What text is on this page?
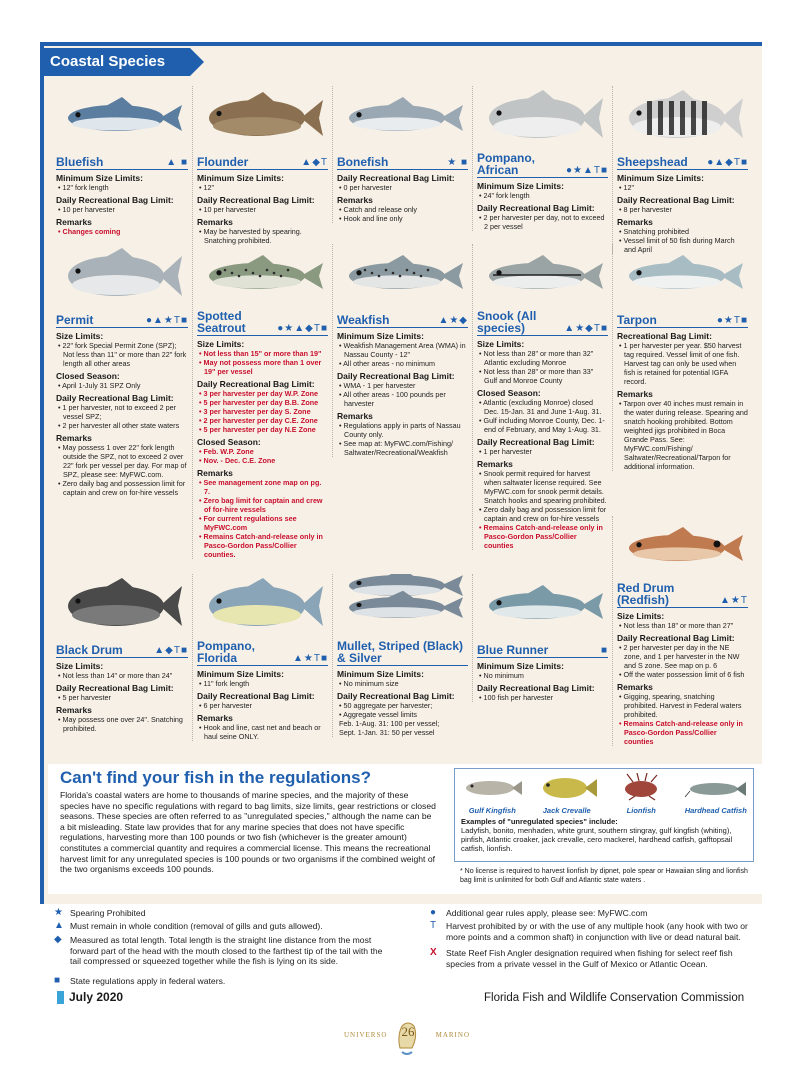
Coastal Species
Bluefish	▲ ■
Minimum Size Limits:
• 12" fork length
Daily Recreational Bag Limit:
• 10 per harvester
Remarks
• Changes coming
Flounder	▲◆T
Minimum Size Limits:
• 12"
Daily Recreational Bag Limit:
• 10 per harvester
Remarks
• May be harvested by spearing. Snatching prohibited.
Bonefish	★ ■
Daily Recreational Bag Limit:
• 0 per harvester
Remarks
• Catch and release only
• Hook and line only
Pompano, African	●★▲T■
Minimum Size Limits:
• 24" fork length
Daily Recreational Bag Limit:
• 2 per harvester per day, not to exceed 2 per vessel
Sheepshead ●▲◆T■
Minimum Size Limits:
• 12"
Daily Recreational Bag Limit:
• 8 per harvester
Remarks
• Snatching prohibited
• Vessel limit of 50 fish during March and April
Permit	●▲★T■
Size Limits:
• 22" fork Special Permit Zone (SPZ); Not less than 11" or more than 22" fork length all other areas
Closed Season:
• April 1-July 31 SPZ Only
Daily Recreational Bag Limit:
• 1 per harvester, not to exceed 2 per vessel SPZ;
• 2 per harvester all other state waters
Remarks
• May possess 1 over 22" fork length outside the SPZ, not to exceed 2 over 22" fork per vessel per day. For map of SPZ, please see: MyFWC.com.
• Zero daily bag and possession limit for captain and crew on for-hire vessels
Spotted Seatrout	●★▲◆T■
Size Limits:
• Not less than 15" or more than 19"
• May not possess more than 1 over 19" per vessel
Daily Recreational Bag Limit:
• 3 per harvester per day W.P. Zone
• 5 per harvester per day B.B. Zone
• 3 per harvester per day S. Zone
• 2 per harvester per day C.E. Zone
• 5 per harvester per day N.E Zone
Closed Season:
• Feb. W.P. Zone
• Nov. - Dec. C.E. Zone
Remarks
• See management zone map on pg. 7.
• Zero bag limit for captain and crew of for-hire vessels
• For current regulations see MyFWC.com
• Remains Catch-and-release only in Pasco-Gordon Pass/Collier counties.
Weakfish	▲★◆
Minimum Size Limits:
• Weakfish Management Area (WMA) in Nassau County - 12"
• All other areas - no minimum
Daily Recreational Bag Limit:
• WMA - 1 per harvester
• All other areas - 100 pounds per harvester
Remarks
• Regulations apply in parts of Nassau County only.
• See map at: MyFWC.com/Fishing/ Saltwater/Recreational/Weakfish
Snook (All species)	▲★◆T■
Size Limits:
• Not less than 28" or more than 32" Atlantic excluding Monroe
• Not less than 28" or more than 33" Gulf and Monroe County
Closed Season:
• Atlantic (excluding Monroe) closed Dec. 15-Jan. 31 and June 1-Aug. 31.
• Gulf including Monroe County, Dec. 1-end of February, and May 1-Aug. 31.
Daily Recreational Bag Limit:
• 1 per harvester
Remarks
• Snook permit required for harvest when saltwater license required. See MyFWC.com for snook permit details. Snatch hooks and spearing prohibited.
• Zero daily bag and possession limit for captain and crew on for-hire vessels
• Remains Catch-and-release only in Pasco-Gordon Pass/Collier counties
Tarpon	●★T■
Recreational Bag Limit:
• 1 per harvester per year. $50 harvest tag required. Vessel limit of one fish. Harvest tag can only be used when fish is retained for potential IGFA record.
Remarks
• Tarpon over 40 inches must remain in the water during release. Spearing and snatch hooking prohibited. Bottom weighted jigs prohibited in Boca Grande Pass. See: MyFWC.com/Fishing/ Saltwater/Recreational/Tarpon for additional information.
Red Drum (Redfish)	▲★T
Size Limits:
• Not less than 18" or more than 27"
Daily Recreational Bag Limit:
• 2 per harvester per day in the NE zone, and 1 per harvester in the NW and S zone. See map on p. 6
• Off the water possession limit of 6 fish
Remarks
• Gigging, spearing, snatching prohibited. Harvest in Federal waters prohibited.
• Remains Catch-and-release only in Pasco-Gordon Pass/Collier counties
Black Drum	▲◆T■
Size Limits:
• Not less than 14" or more than 24"
Daily Recreational Bag Limit:
• 5 per harvester
Remarks
• May possess one over 24". Snatching prohibited.
Pompano, Florida	▲★T■
Minimum Size Limits:
• 11" fork length
Daily Recreational Bag Limit:
• 6 per harvester
Remarks
• Hook and line, cast net and beach or haul seine ONLY.
Mullet, Striped (Black) & Silver
Minimum Size Limits:
• No minimum size
Daily Recreational Bag Limit:
• 50 aggregate per harvester;
• Aggregate vessel limits
Feb. 1-Aug. 31: 100 per vessel;
Sept. 1-Jan. 31: 50 per vessel
Blue Runner	■
Minimum Size Limits:
• No minimum
Daily Recreational Bag Limit:
• 100 fish per harvester
Can't find your fish in the regulations?
Florida's coastal waters are home to thousands of marine species, and the majority of these species have no specific regulations with regard to bag limits, size limits, gear restrictions or closed seasons. These species are often referred to as "unregulated species," although the name can be a bit misleading. State law provides that for any marine species that does not have specific regulations, harvesting more than 100 pounds or two fish (whichever is the greater amount) constitutes a commercial quantity and requires a commercial license. This means the recreational harvest limit for any unregulated species is 100 pounds or two organisms if the combined weight of the two organisms exceeds 100 pounds.
Gulf Kingfish	Jack Crevalle	Lionfish	Hardhead Catfish
Examples of "unregulated species" include:
Ladyfish, bonito, menhaden, white grunt, southern stingray, gulf kingfish (whiting), pinfish, Atlantic croaker, jack crevalle, cero mackerel, hardhead catfish, gafftopsail catfish, lionfish.
* No license is required to harvest lionfish by dipnet, pole spear or Hawaiian sling and lionfish bag limit is unlimited for both Gulf and Atlantic state waters .
★ Spearing Prohibited
▲ Must remain in whole condition (removal of gills and guts allowed).
◆ Measured as total length. Total length is the straight line distance from the most forward part of the head with the mouth closed to the farthest tip of the tail with the tail compressed or squeezed together while the fish is lying on its side.
■	State regulations apply in federal waters.
●	Additional gear rules apply, please see: MyFWC.com
T	Harvest prohibited by or with the use of any multiple hook (any hook with two or more points and a common shaft) in conjunction with live or dead natural bait.
X	State Reef Fish Angler designation required when fishing for select reef fish species from a private vessel in the Gulf of Mexico or Atlantic Ocean.
July 2020	Florida Fish and Wildlife Conservation Commission
UNIVERSO 26	MARINO
